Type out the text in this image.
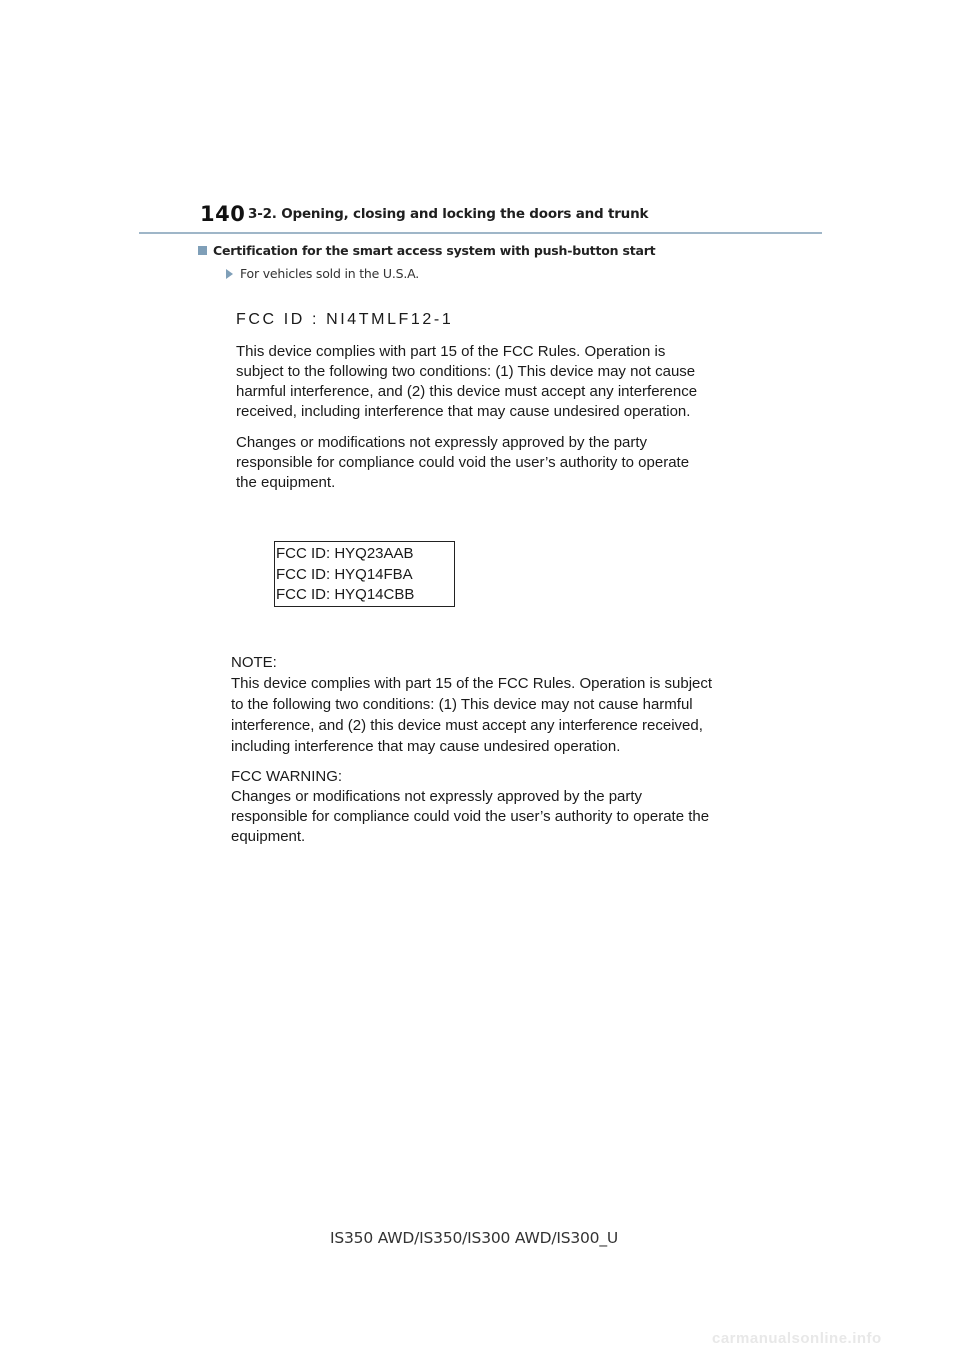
140 3-2. Opening, closing and locking the doors and trunk
Certification for the smart access system with push-button start
For vehicles sold in the U.S.A.
FCC ID : NI4TMLF12-1
This device complies with part 15 of the FCC Rules. Operation is
subject to the following two conditions: (1) This device may not cause
harmful interference, and (2) this device must accept any interference
received, including interference that may cause undesired operation.
Changes or modifications not expressly approved by the party
responsible for compliance could void the user’s authority to operate
the equipment.
FCC ID: HYQ23AAB
FCC ID: HYQ14FBA
FCC ID: HYQ14CBB
NOTE:
This device complies with part 15 of the FCC Rules. Operation is subject
to the following two conditions: (1) This device may not cause harmful
interference, and (2) this device must accept any interference received,
including interference that may cause undesired operation.
FCC WARNING:
Changes or modifications not expressly approved by the party
responsible for compliance could void the user’s authority to operate the
equipment.
IS350 AWD/IS350/IS300 AWD/IS300_U
carmanualsonline.info
